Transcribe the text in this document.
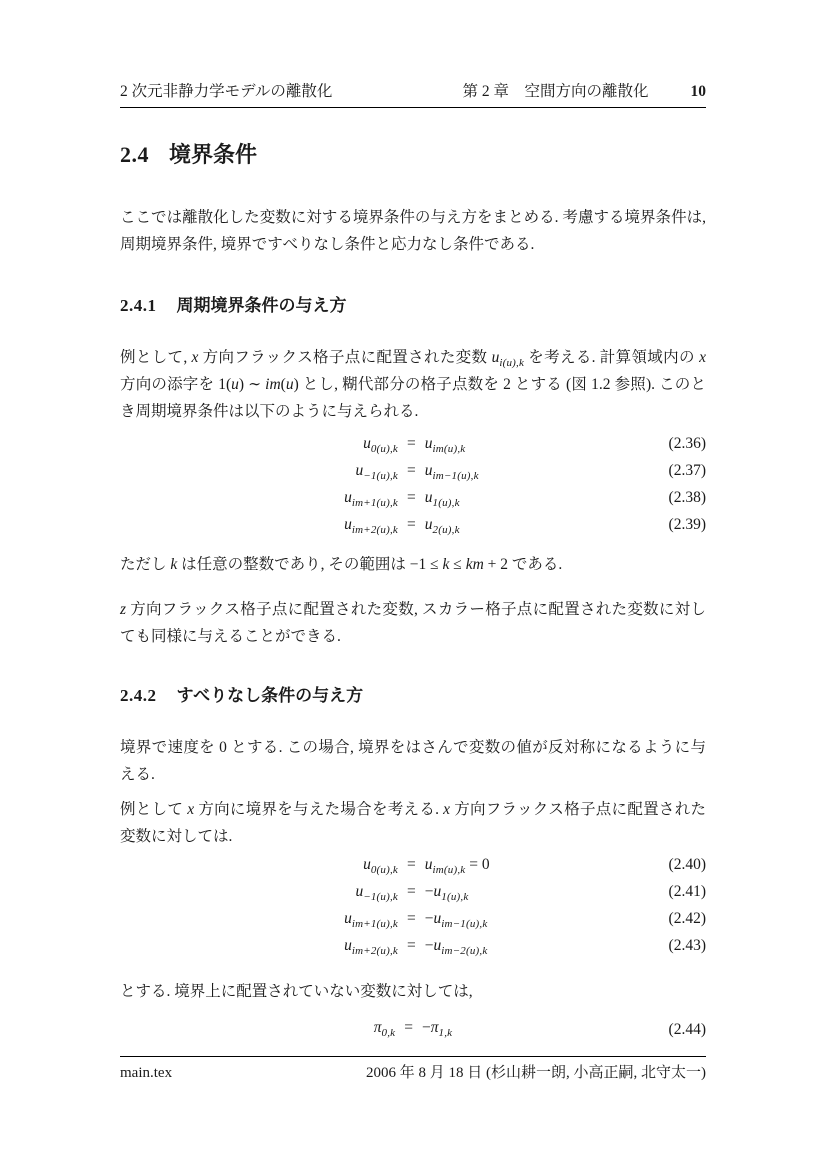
2 次元非静力学モデルの離散化	第 2 章　空間方向の離散化	10
2.4 境界条件
ここでは離散化した変数に対する境界条件の与え方をまとめる. 考慮する境界条件は, 周期境界条件, 境界ですべりなし条件と応力なし条件である.
2.4.1 周期境界条件の与え方
例として, x 方向フラックス格子点に配置された変数 $u_{i(u),k}$ を考える. 計算領域内の x 方向の添字を 1(u) ∼ im(u) とし, 糊代部分の格子点数を 2 とする (図 1.2 参照). このとき周期境界条件は以下のように与えられる.
$u_{0(u),k} = u_{im(u),k}$	(2.36)
$u_{-1(u),k} = u_{im-1(u),k}$	(2.37)
$u_{im+1(u),k} = u_{1(u),k}$	(2.38)
$u_{im+2(u),k} = u_{2(u),k}$	(2.39)
ただし k は任意の整数であり, その範囲は −1 ≤ k ≤ km + 2 である.
z 方向フラックス格子点に配置された変数, スカラー格子点に配置された変数に対しても同様に与えることができる.
2.4.2 すべりなし条件の与え方
境界で速度を 0 とする. この場合, 境界をはさんで変数の値が反対称になるように与える.
例として x 方向に境界を与えた場合を考える. x 方向フラックス格子点に配置された変数に対しては.
$u_{0(u),k} = u_{im(u),k} = 0$	(2.40)
$u_{-1(u),k} = -u_{1(u),k}$	(2.41)
$u_{im+1(u),k} = -u_{im-1(u),k}$	(2.42)
$u_{im+2(u),k} = -u_{im-2(u),k}$	(2.43)
とする. 境界上に配置されていない変数に対しては,
$\pi_{0,k} = -\pi_{1,k}$	(2.44)
main.tex	2006 年 8 月 18 日 (杉山耕一朗, 小高正嗣, 北守太一)
